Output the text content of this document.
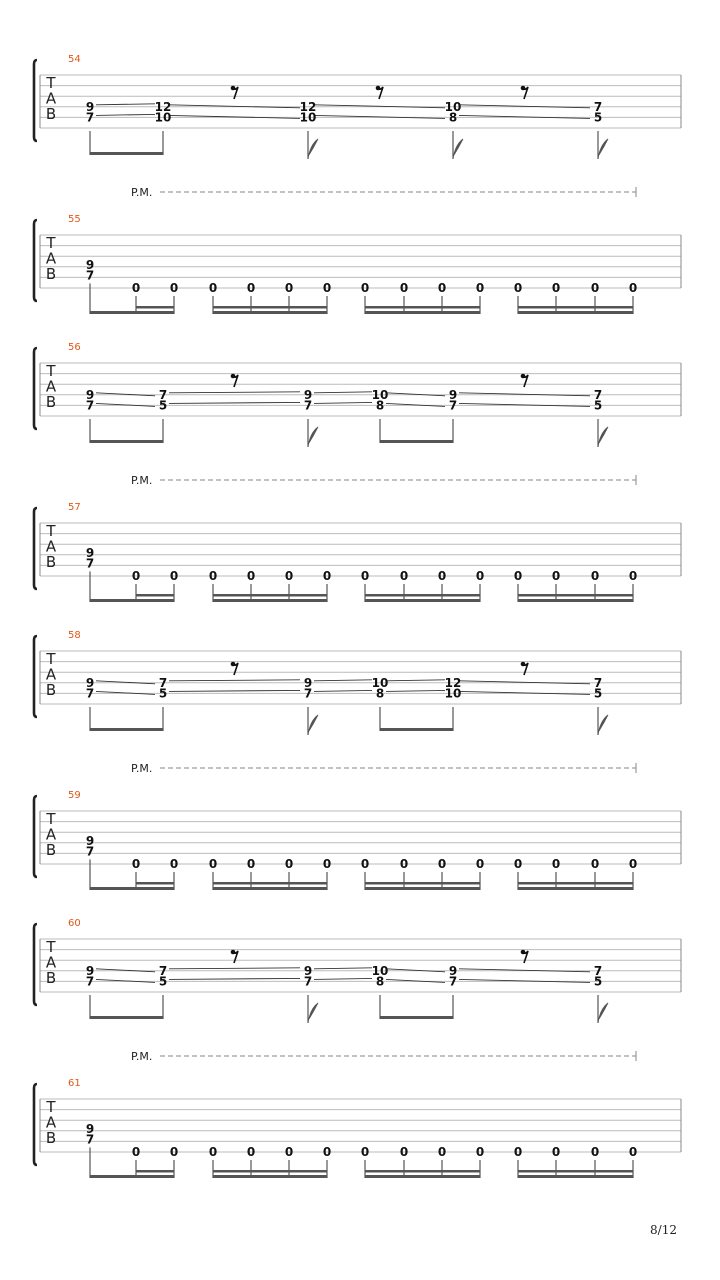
8/12
T
A
B
54
9
7
12
10
12
10
10
8
7
5
T
A
B
55
P.M.
9
7
0 0	0 0 0 0 0	0 0 0 0 0	0 0
T
A
B
56
9
7
7
5
9
7
10
8
9
7
7
5
T
A
B
57
P.M.
9
7
0 0	0 0 0 0 0	0 0 0 0 0	0 0
T
A
B
58
9
7
7
5
9
7
10
8
12
10
7
5
T
A
B
59
P.M.
9
7
0 0	0 0 0 0 0	0 0 0 0 0	0 0
T
A
B
60
9
7
7
5
9
7
10
8
9
7
7
5
T
A
B
61
P.M.
9
7
0 0	0 0 0 0 0	0 0 0 0 0	0 0
